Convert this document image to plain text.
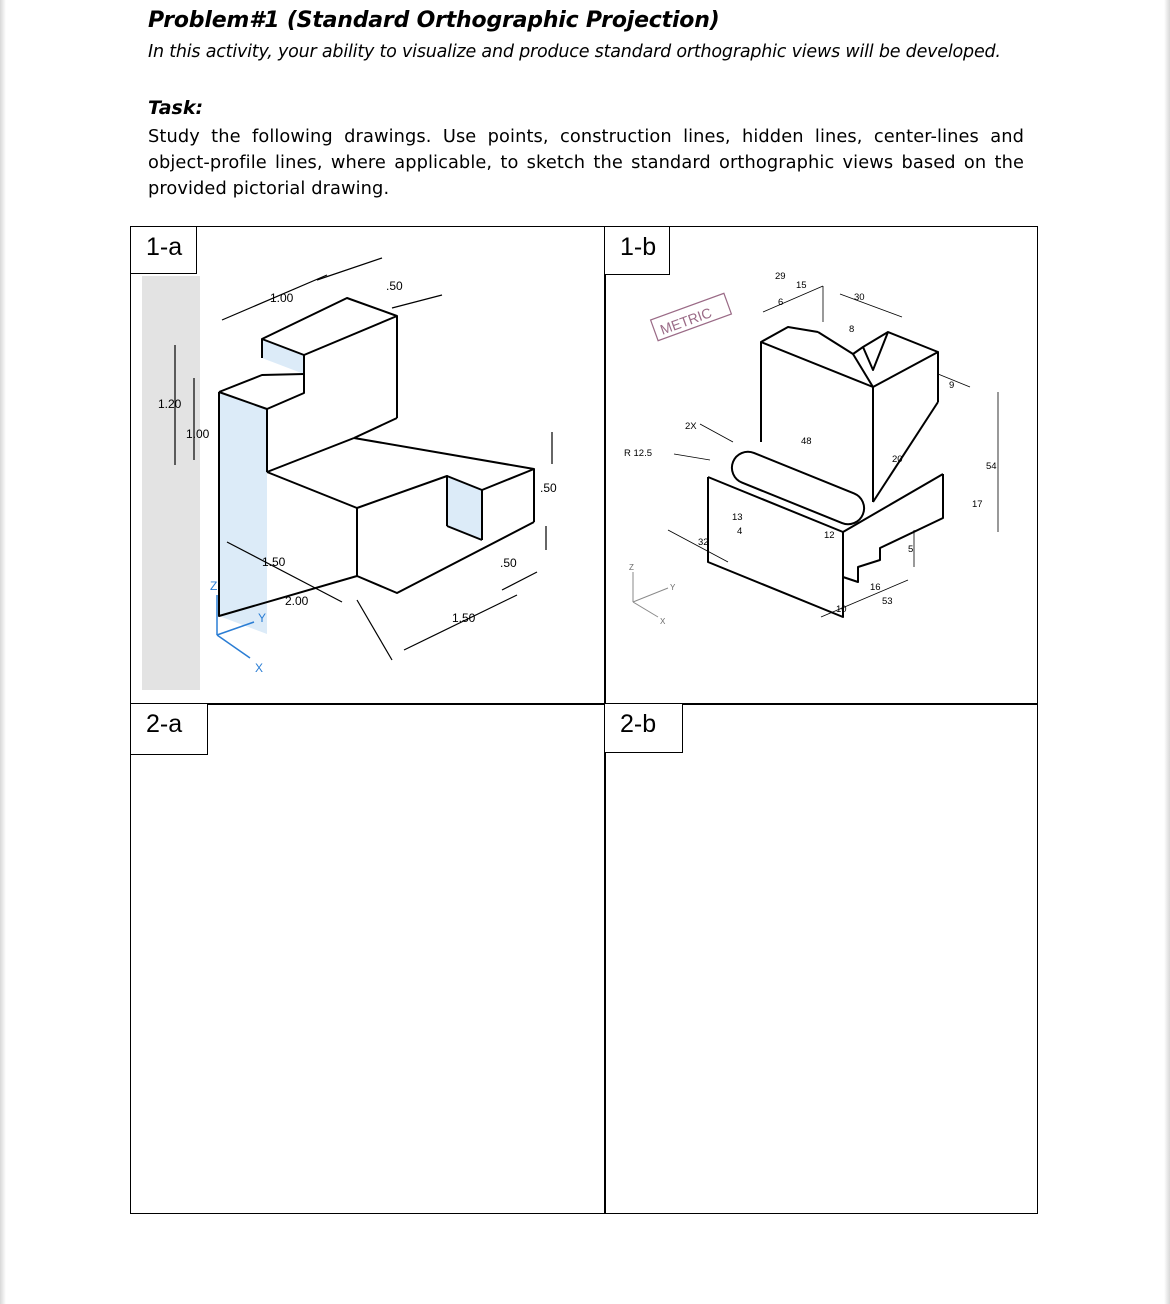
Problem#1 (Standard Orthographic Projection)
In this activity, your ability to visualize and produce standard orthographic views will be developed.
Task:
Study the following drawings. Use points, construction lines, hidden lines, center-lines and object-profile lines, where applicable, to sketch the standard orthographic views based on the provided pictorial drawing.
1.00
.50
1.20
1.00
.50
.50
1.50
2.00
1.50
Z
Y
X
METRIC
29
15
6	30
8
9
2X
R 12.5
48
20
54
17
13
4
32
12
5
16
10
53
Z
Y
X
1-a	1-b
2-a	2-b
